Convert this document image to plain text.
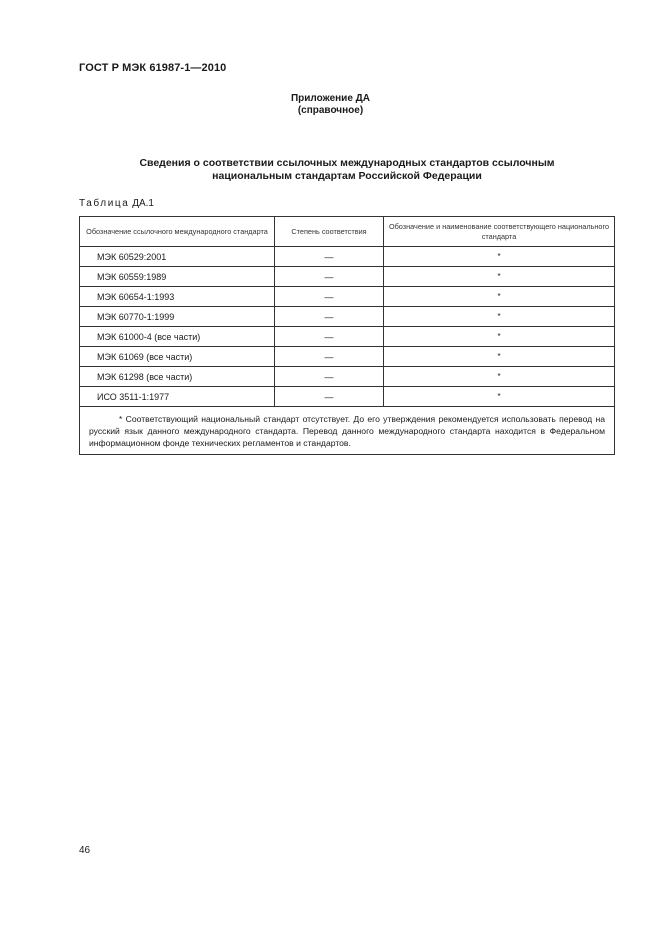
ГОСТ Р МЭК 61987-1—2010
Приложение ДА
(справочное)
Сведения о соответствии ссылочных международных стандартов ссылочным
национальным стандартам Российской Федерации
Таблица ДА.1
Обозначение ссылочного международного стандарта	Степень соответствия	Обозначение и наименование соответствующего национального стандарта
МЭК 60529:2001	—	*
МЭК 60559:1989	—	*
МЭК 60654-1:1993	—	*
МЭК 60770-1:1999	—	*
МЭК 61000-4 (все части)	—	*
МЭК 61069 (все части)	—	*
МЭК 61298 (все части)	—	*
ИСО 3511-1:1977	—	*
* Соответствующий национальный стандарт отсутствует. До его утверждения рекомендуется использовать перевод на русский язык данного международного стандарта. Перевод данного международного стандарта находится в Федеральном информационном фонде технических регламентов и стандартов.		
46
